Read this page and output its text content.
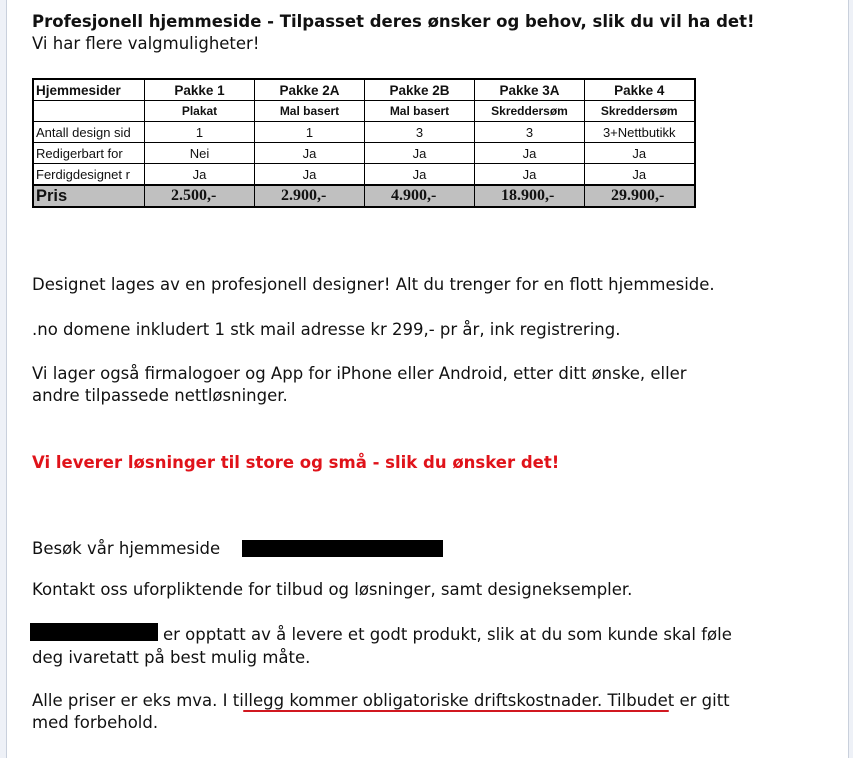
Profesjonell hjemmeside - Tilpasset deres ønsker og behov, slik du vil ha det!

Vi har flere valgmuligheter!

Hjemmesider	Pakke 1	Pakke 2A	Pakke 2B	Pakke 3A	Pakke 4
	Plakat	Mal basert	Mal basert	Skreddersøm	Skreddersøm
Antall design sid	1	1	3	3	3+Nettbutikk
Redigerbart for	Nei	Ja	Ja	Ja	Ja
Ferdigdesignet r	Ja	Ja	Ja	Ja	Ja
Pris	2.500,-	2.900,-	4.900,-	18.900,-	29.900,-

Designet lages av en profesjonell designer! Alt du trenger for en flott hjemmeside.

.no domene inkludert 1 stk mail adresse kr 299,- pr år, ink registrering.

Vi lager også firmalogoer og App for iPhone eller Android, etter ditt ønske, eller
andre tilpassede nettløsninger.

Vi leverer løsninger til store og små - slik du ønsker det!

Besøk vår hjemmeside

Kontakt oss uforpliktende for tilbud og løsninger, samt designeksempler.

er opptatt av å levere et godt produkt, slik at du som kunde skal føle

deg ivaretatt på best mulig måte.

Alle priser er eks mva. I tillegg kommer obligatoriske driftskostnader. Tilbudet er gitt
med forbehold.
